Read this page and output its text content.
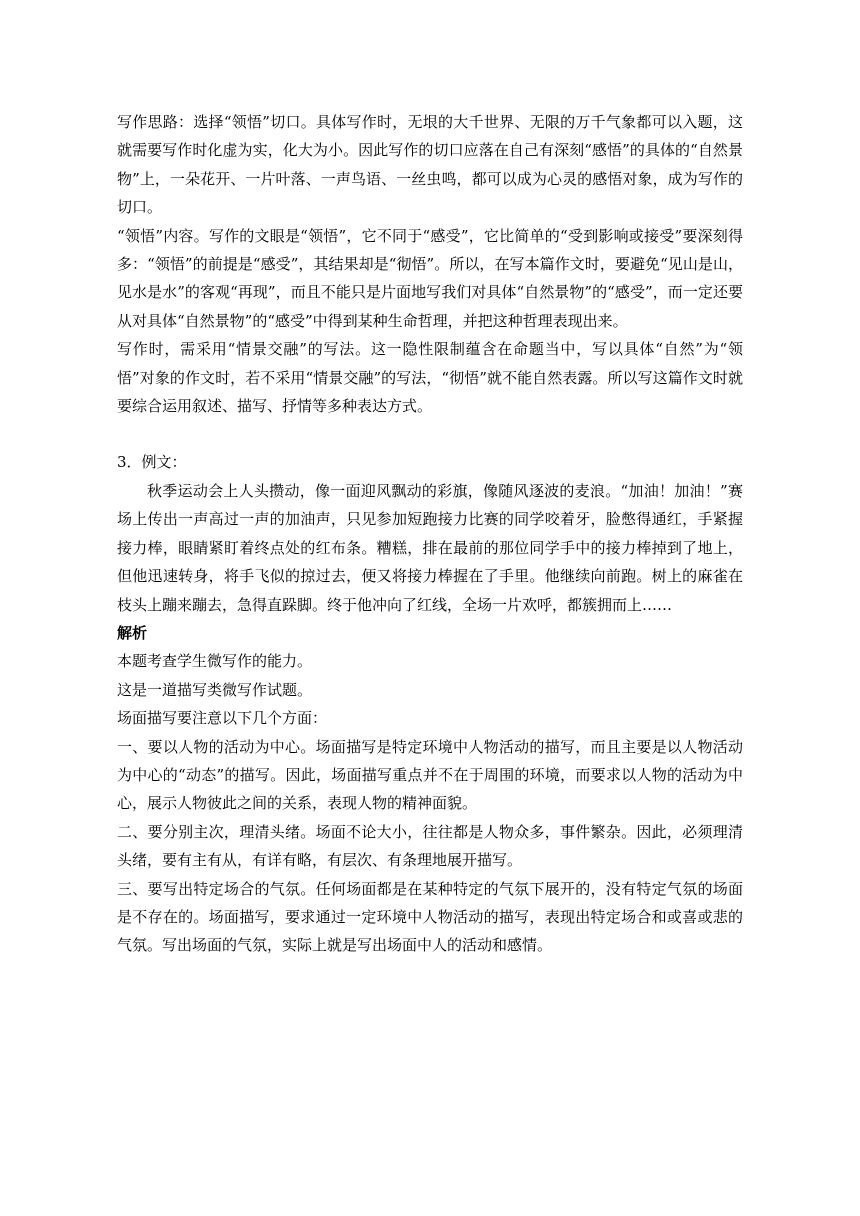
写作思路：选择“领悟”切口。具体写作时，无垠的大千世界、无限的万千气象都可以入题，这就需要写作时化虚为实，化大为小。因此写作的切口应落在自己有深刻“感悟”的具体的“自然景物”上，一朵花开、一片叶落、一声鸟语、一丝虫鸣，都可以成为心灵的感悟对象，成为写作的切口。

“领悟”内容。写作的文眼是“领悟”，它不同于“感受”，它比简单的“受到影响或接受”要深刻得多：“领悟”的前提是“感受”，其结果却是“彻悟”。所以，在写本篇作文时，要避免“见山是山，见水是水”的客观“再现”，而且不能只是片面地写我们对具体“自然景物”的“感受”，而一定还要从对具体“自然景物”的“感受”中得到某种生命哲理，并把这种哲理表现出来。

写作时，需采用“情景交融”的写法。这一隐性限制蕴含在命题当中，写以具体“自然”为“领悟”对象的作文时，若不采用“情景交融”的写法，“彻悟”就不能自然表露。所以写这篇作文时就要综合运用叙述、描写、抒情等多种表达方式。

3．例文：

秋季运动会上人头攒动，像一面迎风飘动的彩旗，像随风逐波的麦浪。“加油！加油！”赛场上传出一声高过一声的加油声，只见参加短跑接力比赛的同学咬着牙，脸憋得通红，手紧握接力棒，眼睛紧盯着终点处的红布条。糟糕，排在最前的那位同学手中的接力棒掉到了地上，但他迅速转身，将手飞似的掠过去，便又将接力棒握在了手里。他继续向前跑。树上的麻雀在枝头上蹦来蹦去，急得直跺脚。终于他冲向了红线，全场一片欢呼，都簇拥而上……

解析

本题考查学生微写作的能力。

这是一道描写类微写作试题。

场面描写要注意以下几个方面：

一、要以人物的活动为中心。场面描写是特定环境中人物活动的描写，而且主要是以人物活动为中心的“动态”的描写。因此，场面描写重点并不在于周围的环境，而要求以人物的活动为中心，展示人物彼此之间的关系，表现人物的精神面貌。

二、要分别主次，理清头绪。场面不论大小，往往都是人物众多，事件繁杂。因此，必须理清头绪，要有主有从，有详有略，有层次、有条理地展开描写。

三、要写出特定场合的气氛。任何场面都是在某种特定的气氛下展开的，没有特定气氛的场面是不存在的。场面描写，要求通过一定环境中人物活动的描写，表现出特定场合和或喜或悲的气氛。写出场面的气氛，实际上就是写出场面中人的活动和感情。
